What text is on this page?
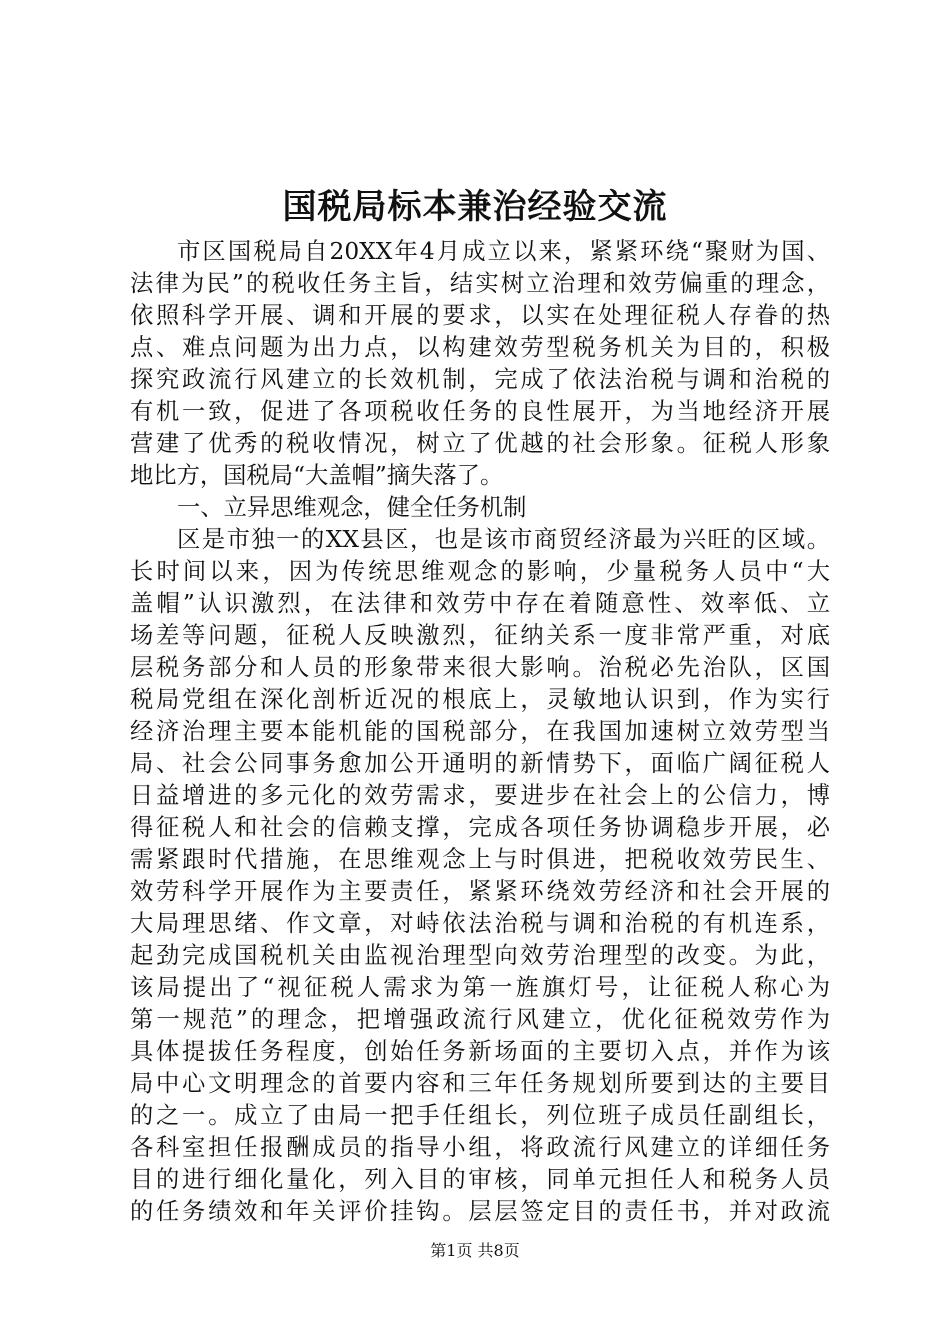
国税局标本兼治经验交流
市区国税局自20XX年4月成立以来，紧紧环绕“聚财为国、
法律为民”的税收任务主旨，结实树立治理和效劳偏重的理念，
依照科学开展、调和开展的要求，以实在处理征税人存眷的热
点、难点问题为出力点，以构建效劳型税务机关为目的，积极
探究政流行风建立的长效机制，完成了依法治税与调和治税的
有机一致，促进了各项税收任务的良性展开，为当地经济开展
营建了优秀的税收情况，树立了优越的社会形象。征税人形象
地比方，国税局“大盖帽”摘失落了。
一、立异思维观念，健全任务机制
区是市独一的XX县区，也是该市商贸经济最为兴旺的区域。
长时间以来，因为传统思维观念的影响，少量税务人员中“大
盖帽”认识激烈，在法律和效劳中存在着随意性、效率低、立
场差等问题，征税人反映激烈，征纳关系一度非常严重，对底
层税务部分和人员的形象带来很大影响。治税必先治队，区国
税局党组在深化剖析近况的根底上，灵敏地认识到，作为实行
经济治理主要本能机能的国税部分，在我国加速树立效劳型当
局、社会公同事务愈加公开通明的新情势下，面临广阔征税人
日益增进的多元化的效劳需求，要进步在社会上的公信力，博
得征税人和社会的信赖支撑，完成各项任务协调稳步开展，必
需紧跟时代措施，在思维观念上与时俱进，把税收效劳民生、
效劳科学开展作为主要责任，紧紧环绕效劳经济和社会开展的
大局理思绪、作文章，对峙依法治税与调和治税的有机连系，
起劲完成国税机关由监视治理型向效劳治理型的改变。为此，
该局提出了“视征税人需求为第一旌旗灯号，让征税人称心为
第一规范”的理念，把增强政流行风建立，优化征税效劳作为
具体提拔任务程度，创始任务新场面的主要切入点，并作为该
局中心文明理念的首要内容和三年任务规划所要到达的主要目
的之一。成立了由局一把手任组长，列位班子成员任副组长，
各科室担任报酬成员的指导小组，将政流行风建立的详细任务
目的进行细化量化，列入目的审核，同单元担任人和税务人员
的任务绩效和年关评价挂钩。层层签定目的责任书，并对政流
第1页 共8页
